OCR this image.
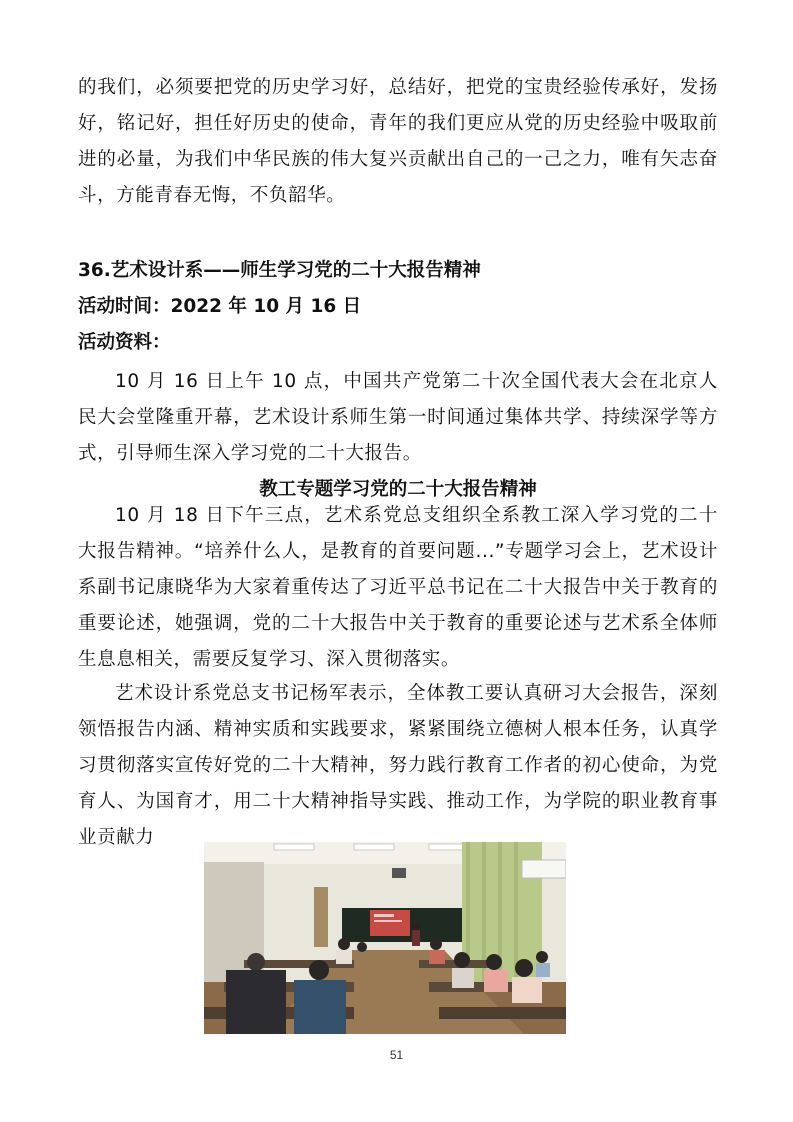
的我们，必须要把党的历史学习好，总结好，把党的宝贵经验传承好，发扬好，铭记好，担任好历史的使命，青年的我们更应从党的历史经验中吸取前进的必量，为我们中华民族的伟大复兴贡献出自己的一己之力，唯有矢志奋斗，方能青春无悔，不负韶华。

36.艺术设计系——师生学习党的二十大报告精神

活动时间：2022 年 10 月 16 日

活动资料：

10 月 16 日上午 10 点，中国共产党第二十次全国代表大会在北京人民大会堂隆重开幕，艺术设计系师生第一时间通过集体共学、持续深学等方式，引导师生深入学习党的二十大报告。

教工专题学习党的二十大报告精神

10 月 18 日下午三点，艺术系党总支组织全系教工深入学习党的二十大报告精神。“培养什么人，是教育的首要问题...”专题学习会上，艺术设计系副书记康晓华为大家着重传达了习近平总书记在二十大报告中关于教育的重要论述，她强调，党的二十大报告中关于教育的重要论述与艺术系全体师生息息相关，需要反复学习、深入贯彻落实。

艺术设计系党总支书记杨军表示，全体教工要认真研习大会报告，深刻领悟报告内涵、精神实质和实践要求，紧紧围绕立德树人根本任务，认真学习贯彻落实宣传好党的二十大精神，努力践行教育工作者的初心使命，为党育人、为国育才，用二十大精神指导实践、推动工作，为学院的职业教育事业贡献力

51
